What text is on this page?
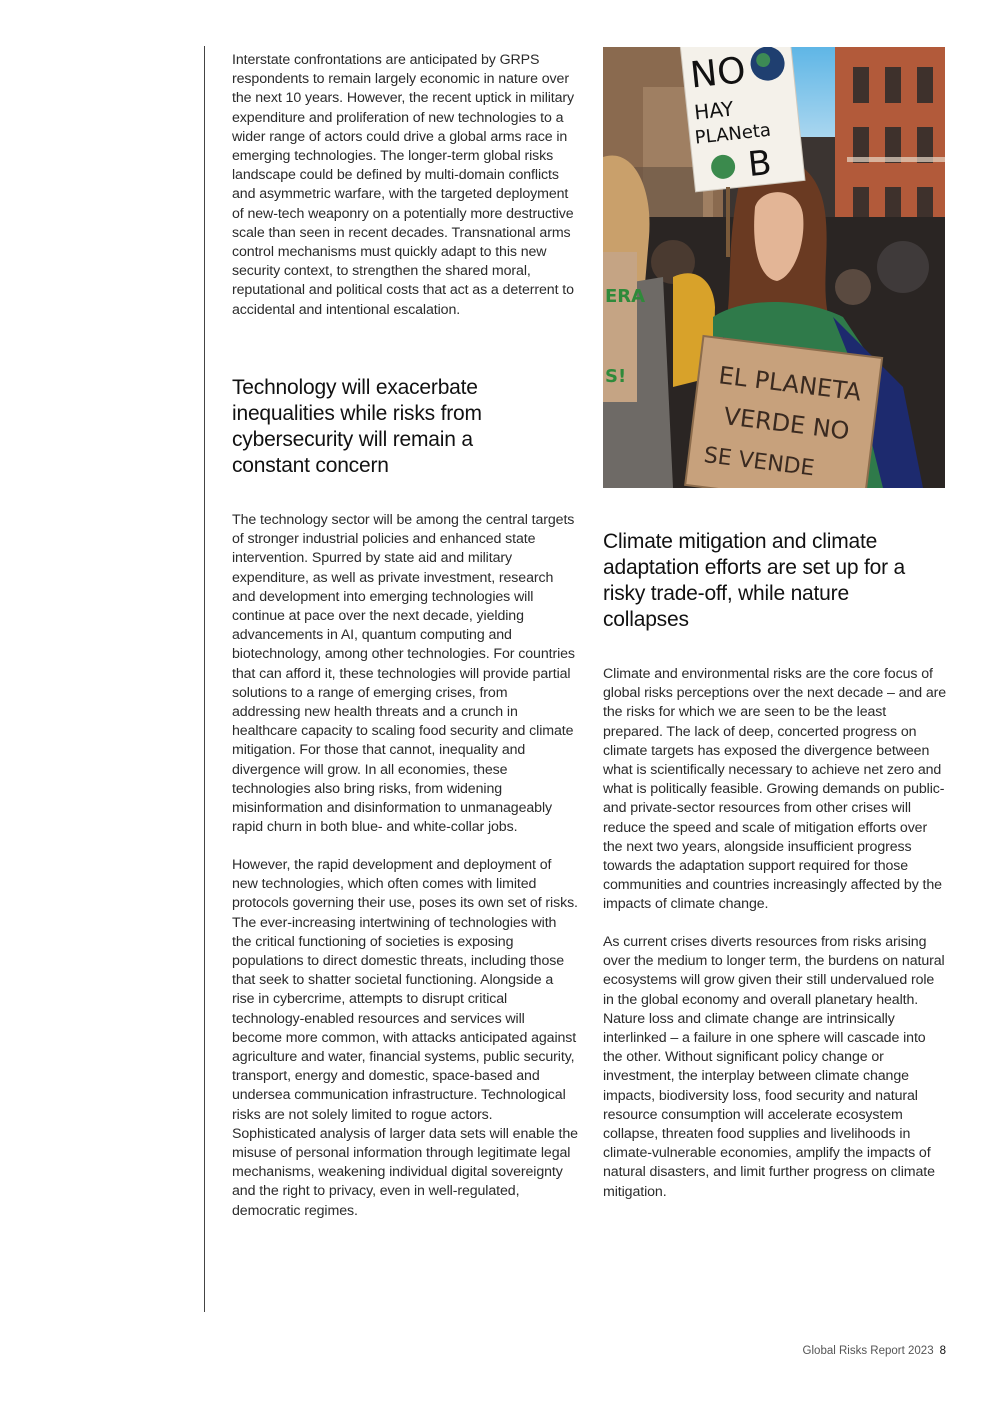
Interstate confrontations are anticipated by GRPS respondents to remain largely economic in nature over the next 10 years. However, the recent uptick in military expenditure and proliferation of new technologies to a wider range of actors could drive a global arms race in emerging technologies. The longer-term global risks landscape could be defined by multi-domain conflicts and asymmetric warfare, with the targeted deployment of new-tech weaponry on a potentially more destructive scale than seen in recent decades. Transnational arms control mechanisms must quickly adapt to this new security context, to strengthen the shared moral, reputational and political costs that act as a deterrent to accidental and intentional escalation.

Technology will exacerbate inequalities while risks from cybersecurity will remain a constant concern

The technology sector will be among the central targets of stronger industrial policies and enhanced state intervention. Spurred by state aid and military expenditure, as well as private investment, research and development into emerging technologies will continue at pace over the next decade, yielding advancements in AI, quantum computing and biotechnology, among other technologies. For countries that can afford it, these technologies will provide partial solutions to a range of emerging crises, from addressing new health threats and a crunch in healthcare capacity to scaling food security and climate mitigation. For those that cannot, inequality and divergence will grow. In all economies, these technologies also bring risks, from widening misinformation and disinformation to unmanageably rapid churn in both blue- and white-collar jobs.

However, the rapid development and deployment of new technologies, which often comes with limited protocols governing their use, poses its own set of risks. The ever-increasing intertwining of technologies with the critical functioning of societies is exposing populations to direct domestic threats, including those that seek to shatter societal functioning. Alongside a rise in cybercrime, attempts to disrupt critical technology-enabled resources and services will become more common, with attacks anticipated against agriculture and water, financial systems, public security, transport, energy and domestic, space-based and undersea communication infrastructure. Technological risks are not solely limited to rogue actors. Sophisticated analysis of larger data sets will enable the misuse of personal information through legitimate legal mechanisms, weakening individual digital sovereignty and the right to privacy, even in well-regulated, democratic regimes.

EL PLANETA
VERDE NO
SE VENDE
ERA
S!
NO
HAY
PLANeta
B
Climate mitigation and climate adaptation efforts are set up for a risky trade-off, while nature collapses

Climate and environmental risks are the core focus of global risks perceptions over the next decade – and are the risks for which we are seen to be the least prepared. The lack of deep, concerted progress on climate targets has exposed the divergence between what is scientifically necessary to achieve net zero and what is politically feasible. Growing demands on public-and private-sector resources from other crises will reduce the speed and scale of mitigation efforts over the next two years, alongside insufficient progress towards the adaptation support required for those communities and countries increasingly affected by the impacts of climate change.

As current crises diverts resources from risks arising over the medium to longer term, the burdens on natural ecosystems will grow given their still undervalued role in the global economy and overall planetary health. Nature loss and climate change are intrinsically interlinked – a failure in one sphere will cascade into the other. Without significant policy change or investment, the interplay between climate change impacts, biodiversity loss, food security and natural resource consumption will accelerate ecosystem collapse, threaten food supplies and livelihoods in climate-vulnerable economies, amplify the impacts of natural disasters, and limit further progress on climate mitigation.

Global Risks Report 2023 8
